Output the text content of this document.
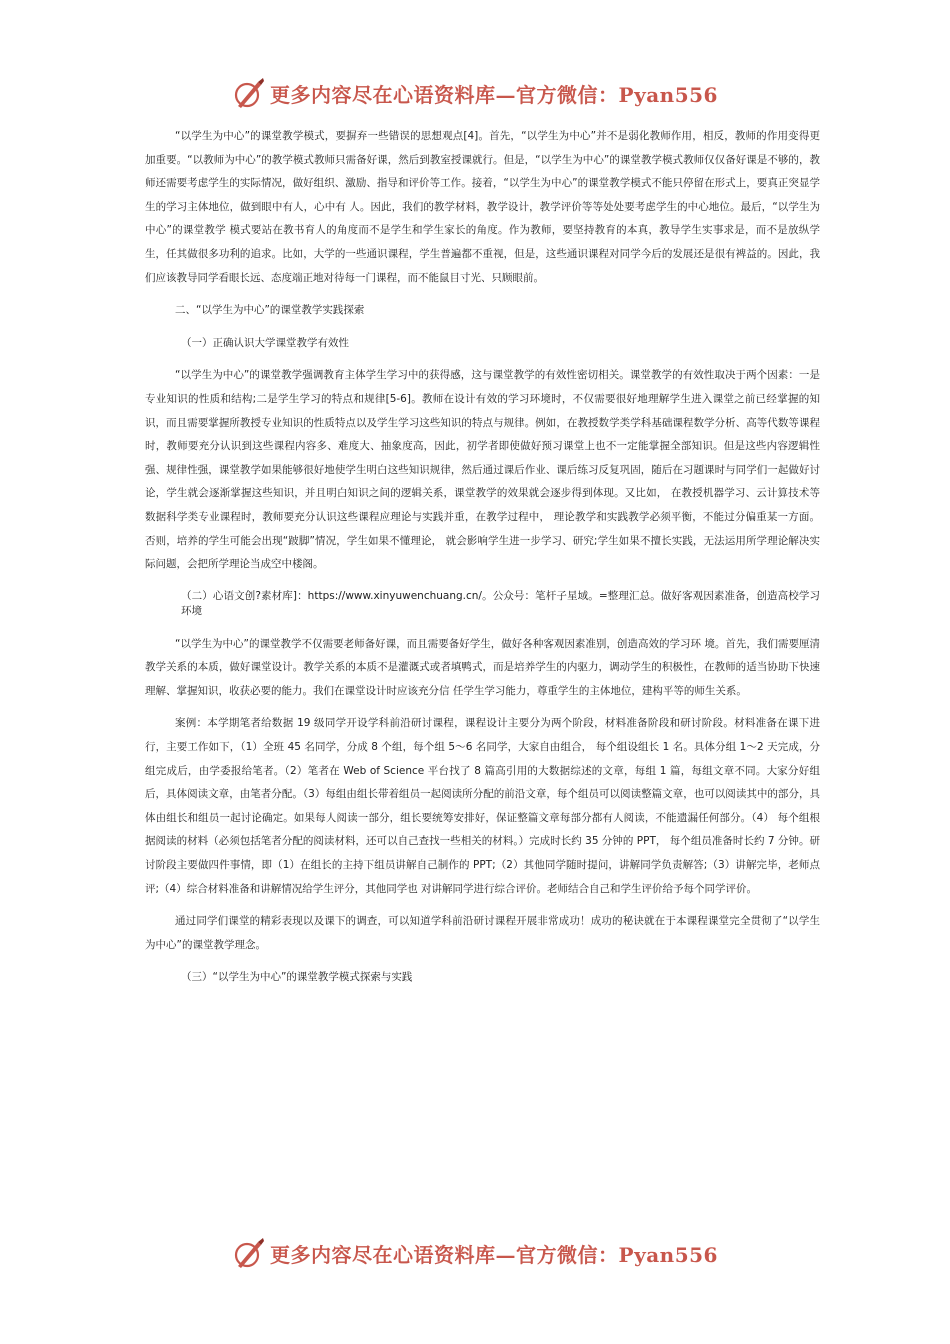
更多内容尽在心语资料库—官方微信：Pyan556

“以学生为中心”的课堂教学模式，要摒弃一些错误的思想观点[4]。首先，“以学生为中心”并不是弱化教师作用，相反，教师的作用变得更加重要。“以教师为中心”的教学模式教师只需备好课，然后到教室授课就行。但是，“以学生为中心”的课堂教学模式教师仅仅备好课是不够的，教师还需要考虑学生的实际情况，做好组织、激励、指导和评价等工作。接着，“以学生为中心”的课堂教学模式不能只停留在形式上，要真正突显学生的学习主体地位，做到眼中有人，心中有 人。因此，我们的教学材料，教学设计，教学评价等等处处要考虑学生的中心地位。最后，“以学生为中心”的课堂教学 模式要站在教书育人的角度而不是学生和学生家长的角度。作为教师，要坚持教育的本真，教导学生实事求是，而不是放纵学生，任其做很多功利的追求。比如，大学的一些通识课程，学生普遍都不重视，但是，这些通识课程对同学今后的发展还是很有裨益的。因此，我们应该教导同学看眼长远、态度端正地对待每一门课程，而不能鼠目寸光、只顾眼前。

二、“以学生为中心”的课堂教学实践探索

（一）正确认识大学课堂教学有效性

“以学生为中心”的课堂教学强调教育主体学生学习中的获得感，这与课堂教学的有效性密切相关。课堂教学的有效性取决于两个因素：一是专业知识的性质和结构;二是学生学习的特点和规律[5-6]。教师在设计有效的学习环境时，不仅需要很好地理解学生进入课堂之前已经掌握的知识，而且需要掌握所教授专业知识的性质特点以及学生学习这些知识的特点与规律。例如，在教授数学类学科基础课程数学分析、高等代数等课程时，教师要充分认识到这些课程内容多、难度大、抽象度高，因此，初学者即使做好预习课堂上也不一定能掌握全部知识。但是这些内容逻辑性强、规律性强，课堂教学如果能够很好地使学生明白这些知识规律，然后通过课后作业、课后练习反复巩固，随后在习题课时与同学们一起做好讨论，学生就会逐渐掌握这些知识，并且明白知识之间的逻辑关系，课堂教学的效果就会逐步得到体现。又比如， 在教授机器学习、云计算技术等数据科学类专业课程时，教师要充分认识这些课程应理论与实践并重，在教学过程中， 理论教学和实践教学必须平衡，不能过分偏重某一方面。否则，培养的学生可能会出现“跛脚”情况，学生如果不懂理论， 就会影响学生进一步学习、研究;学生如果不擅长实践，无法运用所学理论解决实际问题，会把所学理论当成空中楼阁。

（二）心语文创?素材库]：https://www.xinyuwenchuang.cn/。公众号：笔杆子星域。=整理汇总。做好客观因素准备，创造高校学习环境

“以学生为中心”的课堂教学不仅需要老师备好课，而且需要备好学生，做好各种客观因素准别，创造高效的学习环 境。首先，我们需要厘清教学关系的本质，做好课堂设计。教学关系的本质不是灌溉式或者填鸭式，而是培养学生的内驱力，调动学生的积极性，在教师的适当协助下快速理解、掌握知识，收获必要的能力。我们在课堂设计时应该充分信 任学生学习能力，尊重学生的主体地位，建构平等的师生关系。

案例：本学期笔者给数据 19 级同学开设学科前沿研讨课程，课程设计主要分为两个阶段，材料准备阶段和研讨阶段。材料准备在课下进行，主要工作如下，（1）全班 45 名同学，分成 8 个组，每个组 5～6 名同学，大家自由组合， 每个组设组长 1 名。具体分组 1～2 天完成，分组完成后，由学委报给笔者。（2）笔者在 Web of Science 平台找了 8 篇高引用的大数据综述的文章，每组 1 篇，每组文章不同。大家分好组后，具体阅读文章，由笔者分配。（3）每组由组长带着组员一起阅读所分配的前沿文章，每个组员可以阅读整篇文章，也可以阅读其中的部分，具体由组长和组员一起讨论确定。如果每人阅读一部分，组长要统筹安排好，保证整篇文章每部分都有人阅读，不能遗漏任何部分。（4） 每个组根据阅读的材料（必须包括笔者分配的阅读材料，还可以自己查找一些相关的材料。）完成时长约 35 分钟的 PPT， 每个组员准备时长约 7 分钟。研讨阶段主要做四件事情，即（1）在组长的主持下组员讲解自己制作的 PPT;（2）其他同学随时提问，讲解同学负责解答;（3）讲解完毕，老师点评;（4）综合材料准备和讲解情况给学生评分，其他同学也 对讲解同学进行综合评价。老师结合自己和学生评价给予每个同学评价。

通过同学们课堂的精彩表现以及课下的调查，可以知道学科前沿研讨课程开展非常成功！成功的秘诀就在于本课程课堂完全贯彻了“以学生为中心”的课堂教学理念。

（三）“以学生为中心”的课堂教学模式探索与实践

更多内容尽在心语资料库—官方微信：Pyan556
